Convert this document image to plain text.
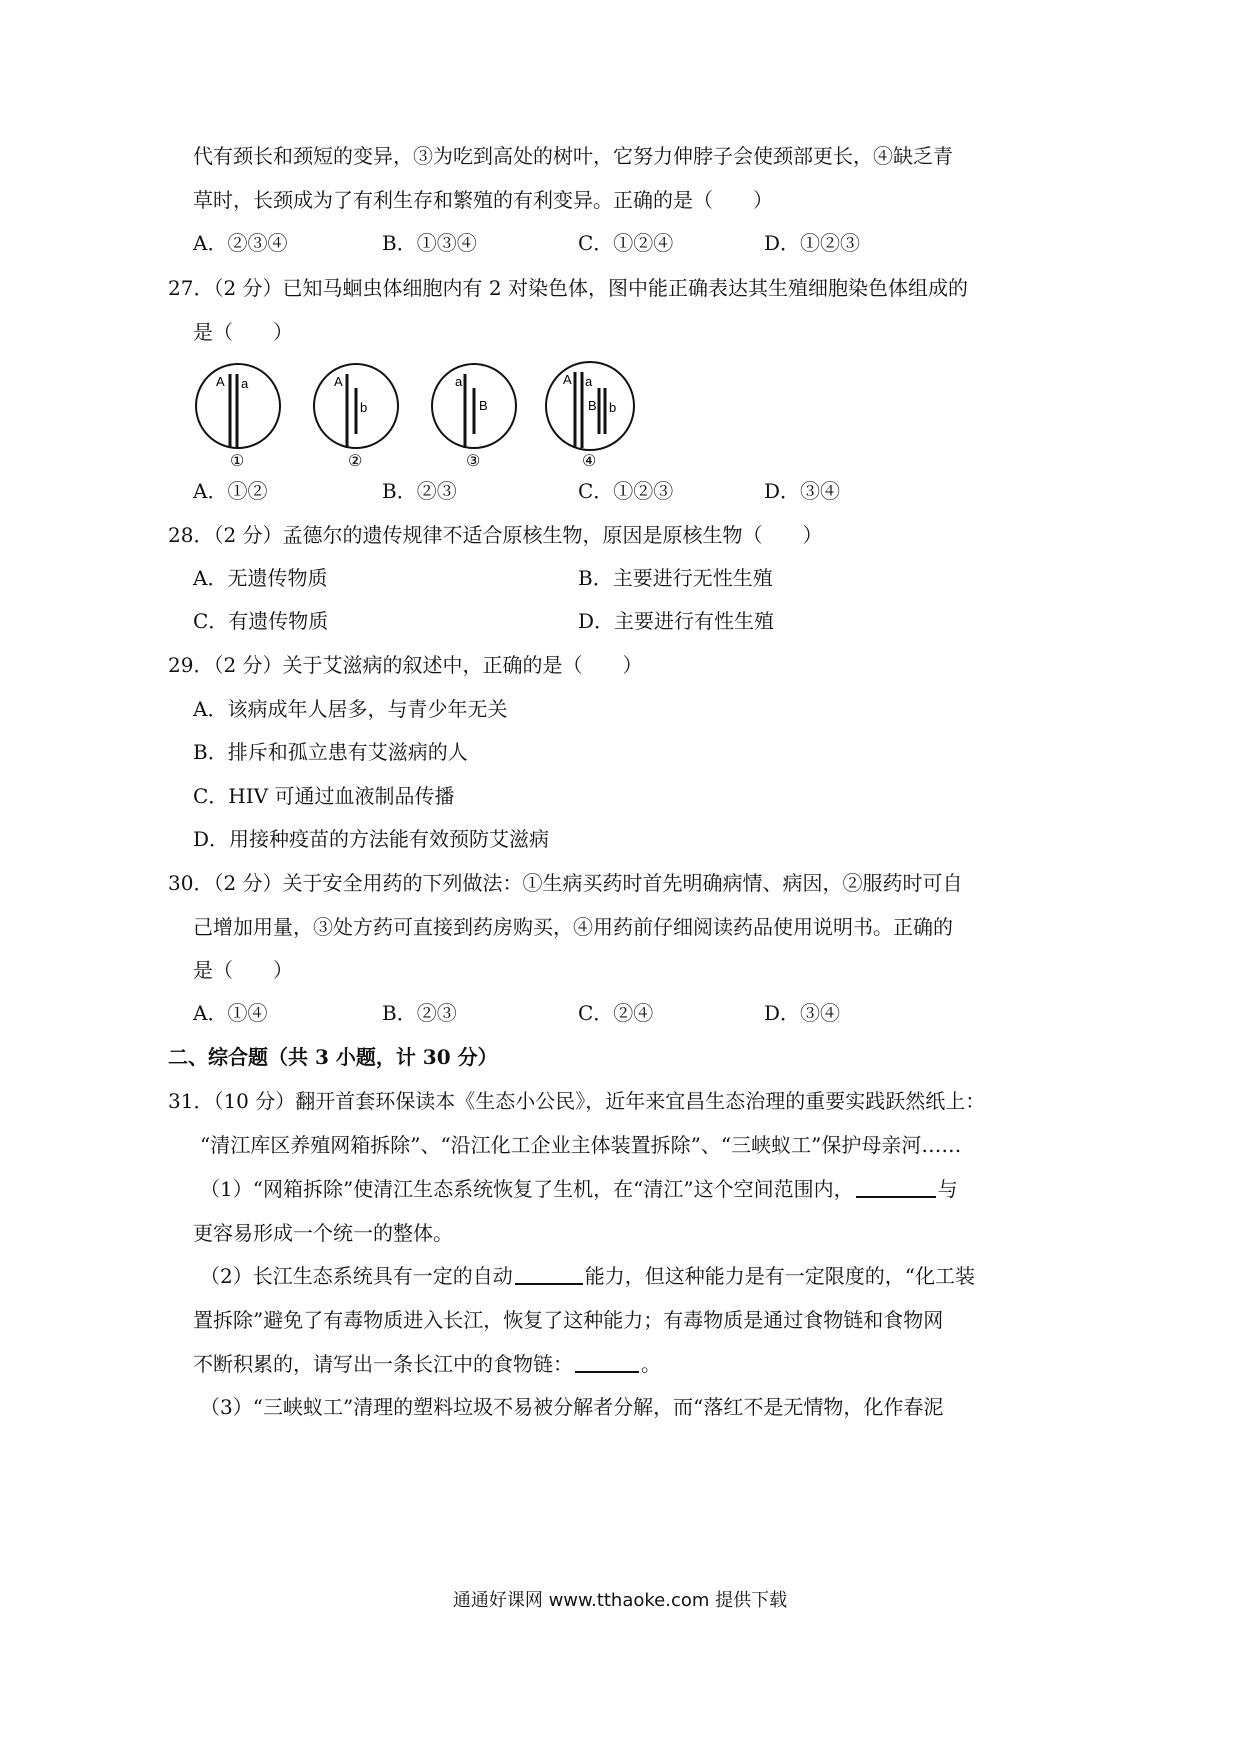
代有颈长和颈短的变异，③为吃到高处的树叶，它努力伸脖子会使颈部更长，④缺乏青
草时，长颈成为了有利生存和繁殖的有利变异。正确的是（　　）
A．②③④	B．①③④	C．①②④	D．①②③
27．（2 分）已知马蛔虫体细胞内有 2 对染色体，图中能正确表达其生殖细胞染色体组成的
是（　　）
A a
①
A
b
②
a
B
③
A a
B b
④
A．①②	B．②③	C．①②③	D．③④
28．（2 分）孟德尔的遗传规律不适合原核生物，原因是原核生物（　　）
A．无遗传物质	B．主要进行无性生殖
C．有遗传物质	D．主要进行有性生殖
29．（2 分）关于艾滋病的叙述中，正确的是（　　）
A．该病成年人居多，与青少年无关
B．排斥和孤立患有艾滋病的人
C．HIV 可通过血液制品传播
D．用接种疫苗的方法能有效预防艾滋病
30．（2 分）关于安全用药的下列做法：①生病买药时首先明确病情、病因，②服药时可自
己增加用量，③处方药可直接到药房购买，④用药前仔细阅读药品使用说明书。正确的
是（　　）
A．①④	B．②③	C．②④	D．③④
二、综合题（共 3 小题，计 30 分）
31．（10 分）翻开首套环保读本《生态小公民》，近年来宜昌生态治理的重要实践跃然纸上：
“清江库区养殖网箱拆除”、“沿江化工企业主体装置拆除”、“三峡蚁工”保护母亲河……
（1）“网箱拆除”使清江生态系统恢复了生机，在“清江”这个空间范围内，	与
更容易形成一个统一的整体。
（2）长江生态系统具有一定的自动	能力，但这种能力是有一定限度的，“化工装
置拆除”避免了有毒物质进入长江，恢复了这种能力；有毒物质是通过食物链和食物网
不断积累的，请写出一条长江中的食物链：	。
（3）“三峡蚁工”清理的塑料垃圾不易被分解者分解，而“落红不是无情物，化作春泥
通通好课网 www.tthaoke.com 提供下载
